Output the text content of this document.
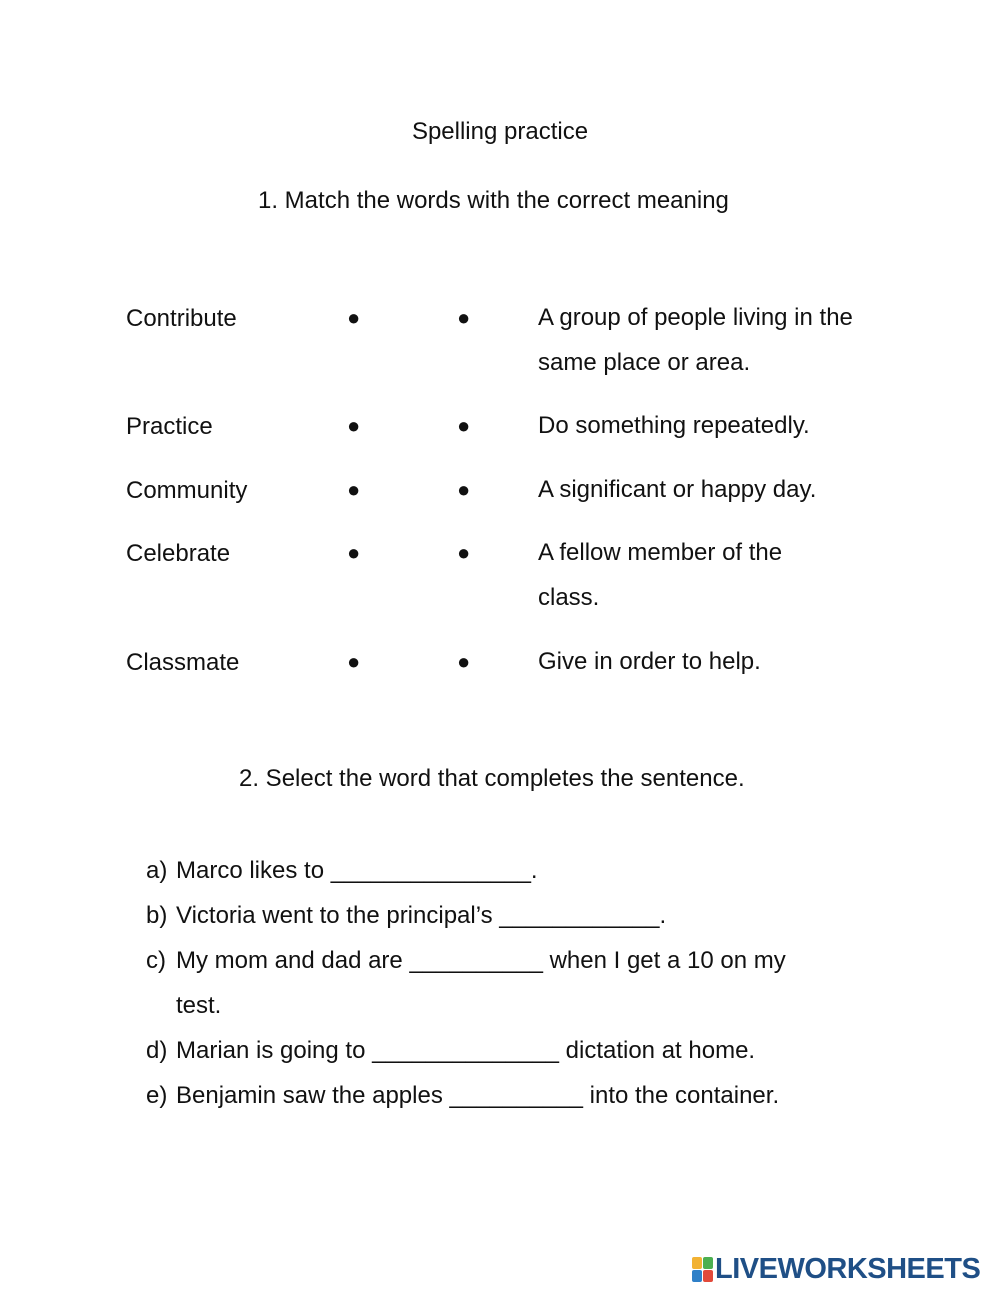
Spelling practice
1. Match the words with the correct meaning
Contribute	●	●	A group of people living in the same place or area.
Practice	●	●	Do something repeatedly.
Community	●	●	A significant or happy day.
Celebrate	●	●	A fellow member of the class.
Classmate	●	●	Give in order to help.
2. Select the word that completes the sentence.
a) Marco likes to _______________.
b) Victoria went to the principal’s ____________.
c) My mom and dad are __________ when I get a 10 on my test.
d) Marian is going to ______________ dictation at home.
e) Benjamin saw the apples __________ into the container.
LIVEWORKSHEETS
